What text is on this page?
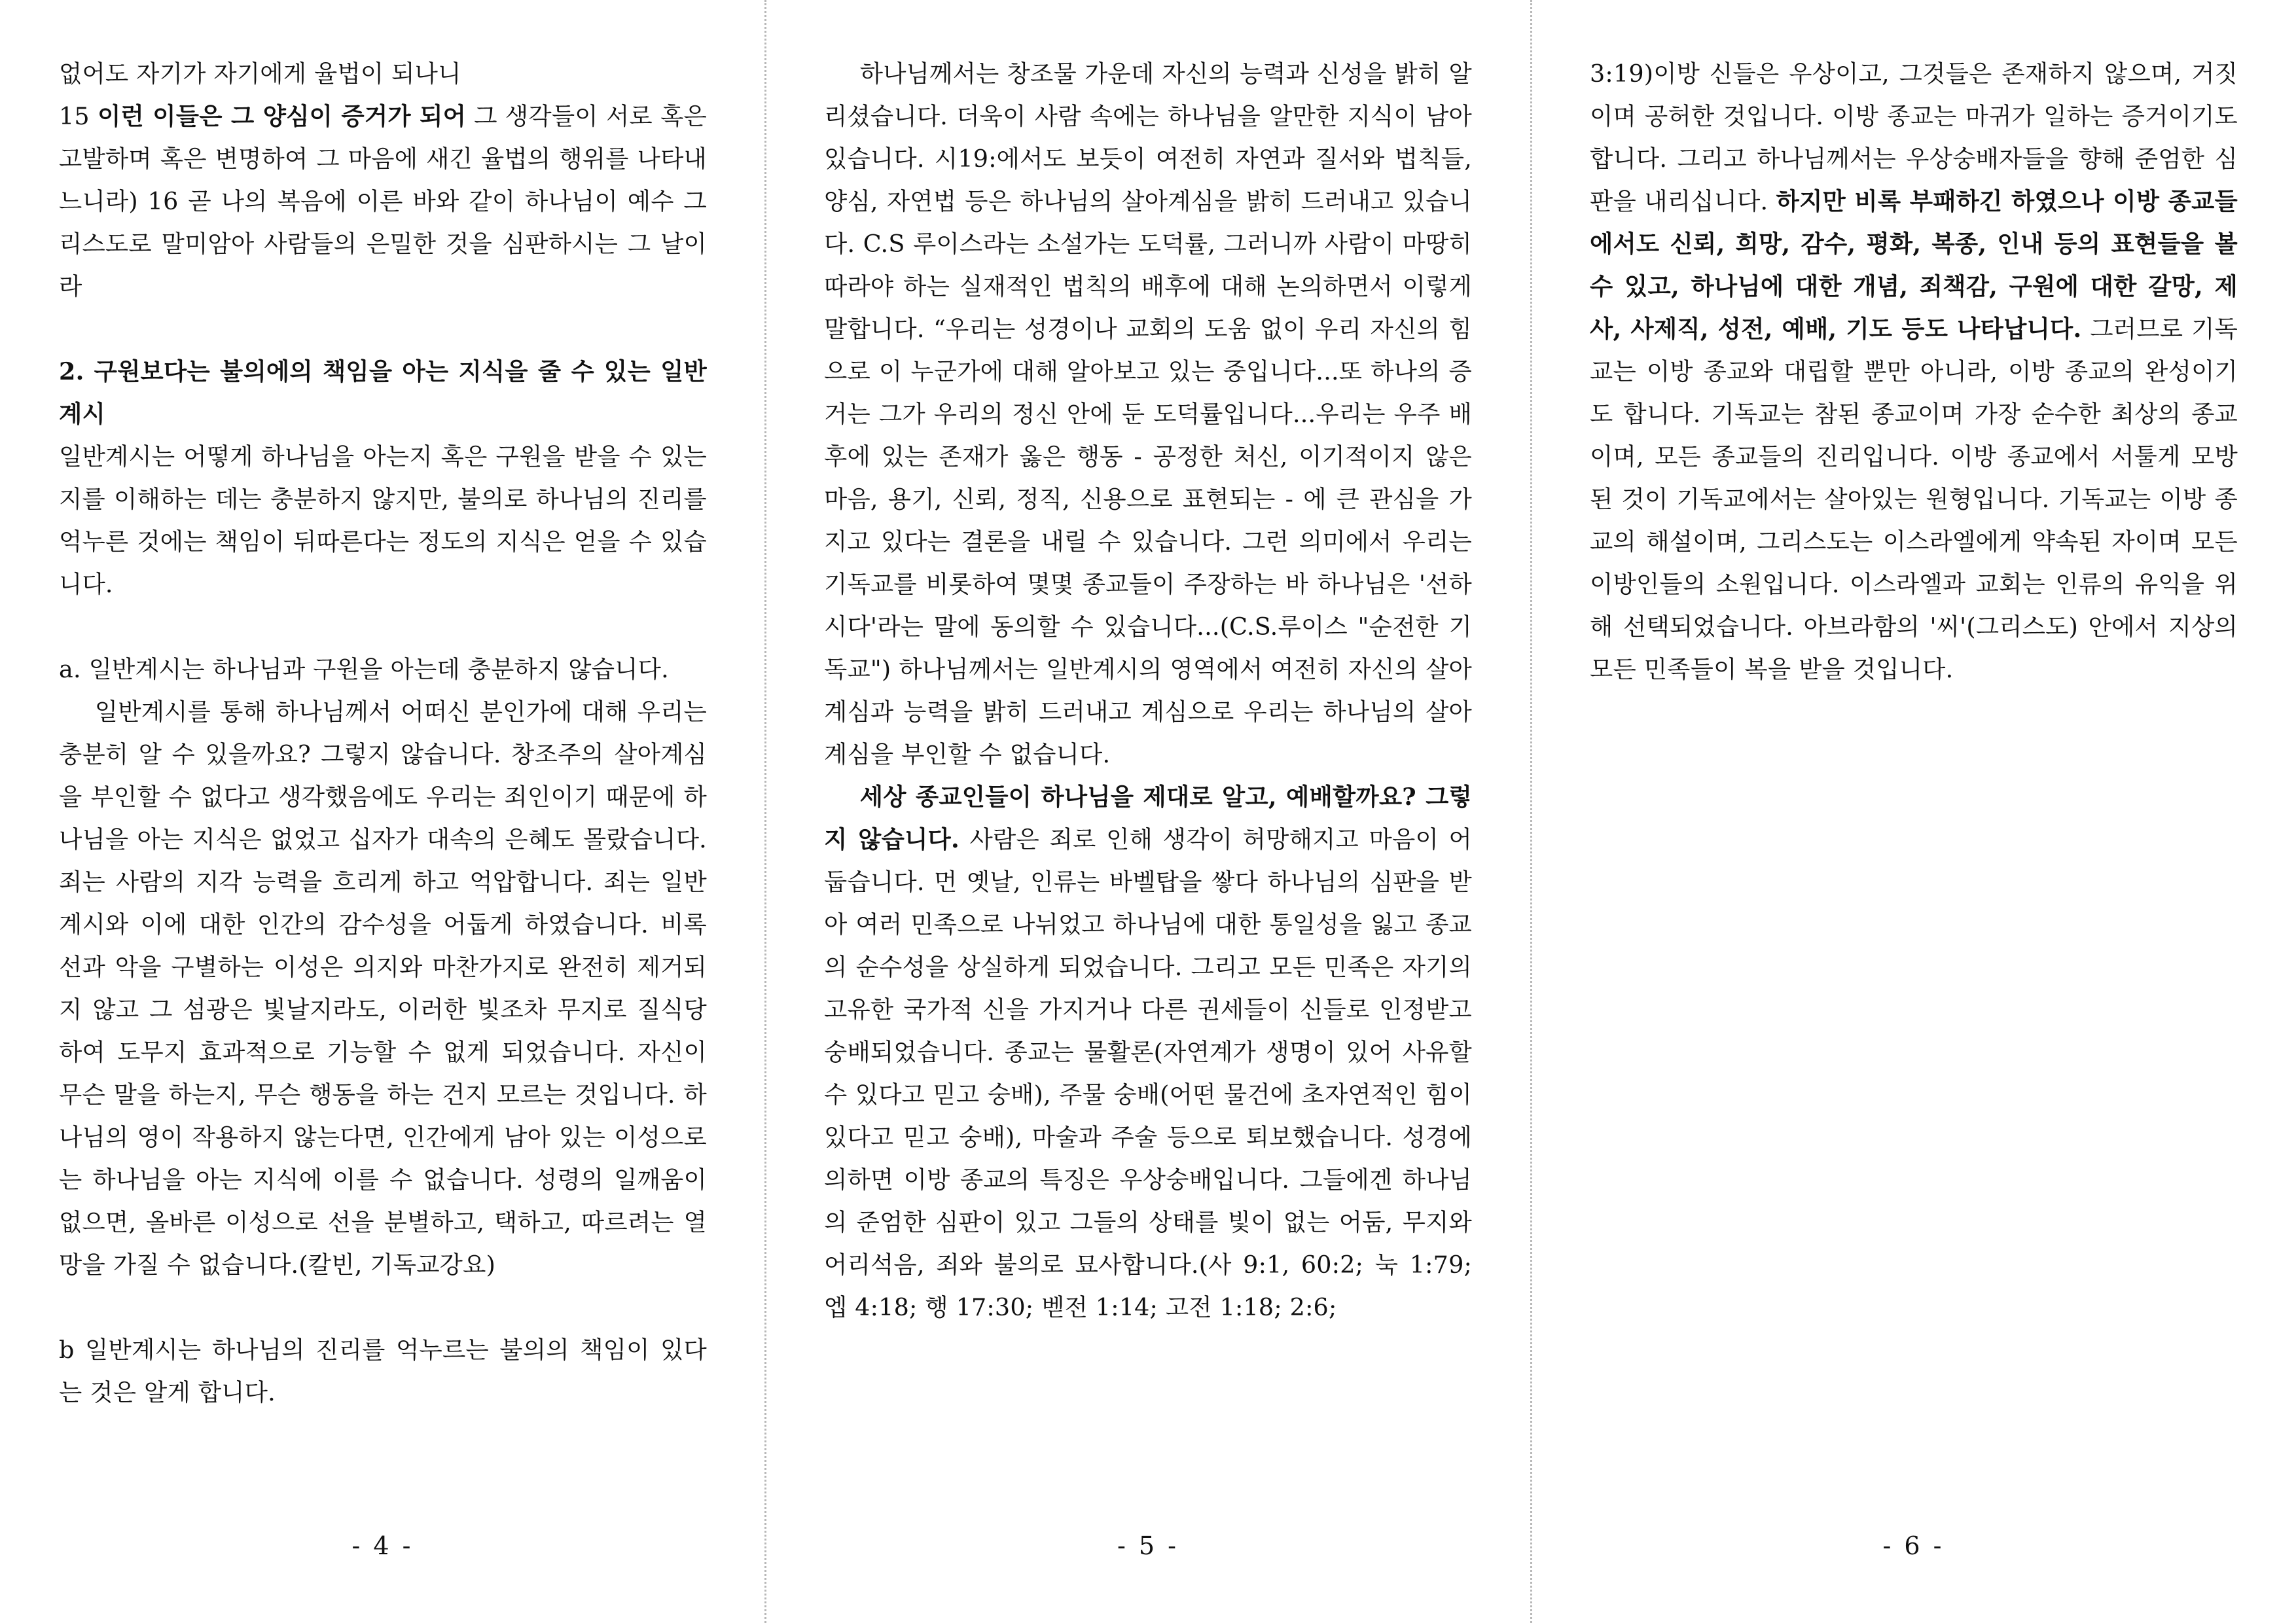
없어도 자기가 자기에게 율법이 되나니

15 이런 이들은 그 양심이 증거가 되어 그 생각들이 서로 혹은 고발하며 혹은 변명하여 그 마음에 새긴 율법의 행위를 나타내느니라) 16 곧 나의 복음에 이른 바와 같이 하나님이 예수 그리스도로 말미암아 사람들의 은밀한 것을 심판하시는 그 날이라

2. 구원보다는 불의에의 책임을 아는 지식을 줄 수 있는 일반계시

일반계시는 어떻게 하나님을 아는지 혹은 구원을 받을 수 있는지를 이해하는 데는 충분하지 않지만, 불의로 하나님의 진리를 억누른 것에는 책임이 뒤따른다는 정도의 지식은 얻을 수 있습니다.

a. 일반계시는 하나님과 구원을 아는데 충분하지 않습니다.

일반계시를 통해 하나님께서 어떠신 분인가에 대해 우리는 충분히 알 수 있을까요? 그렇지 않습니다. 창조주의 살아계심을 부인할 수 없다고 생각했음에도 우리는 죄인이기 때문에 하나님을 아는 지식은 없었고 십자가 대속의 은혜도 몰랐습니다. 죄는 사람의 지각 능력을 흐리게 하고 억압합니다. 죄는 일반계시와 이에 대한 인간의 감수성을 어둡게 하였습니다. 비록 선과 악을 구별하는 이성은 의지와 마찬가지로 완전히 제거되지 않고 그 섬광은 빛날지라도, 이러한 빛조차 무지로 질식당하여 도무지 효과적으로 기능할 수 없게 되었습니다. 자신이 무슨 말을 하는지, 무슨 행동을 하는 건지 모르는 것입니다. 하나님의 영이 작용하지 않는다면, 인간에게 남아 있는 이성으로는 하나님을 아는 지식에 이를 수 없습니다. 성령의 일깨움이 없으면, 올바른 이성으로 선을 분별하고, 택하고, 따르려는 열망을 가질 수 없습니다.(칼빈, 기독교강요)

b 일반계시는 하나님의 진리를 억누르는 불의의 책임이 있다는 것은 알게 합니다.

- 4 -

하나님께서는 창조물 가운데 자신의 능력과 신성을 밝히 알리셨습니다. 더욱이 사람 속에는 하나님을 알만한 지식이 남아있습니다. 시19:에서도 보듯이 여전히 자연과 질서와 법칙들, 양심, 자연법 등은 하나님의 살아계심을 밝히 드러내고 있습니다. C.S 루이스라는 소설가는 도덕률, 그러니까 사람이 마땅히 따라야 하는 실재적인 법칙의 배후에 대해 논의하면서 이렇게 말합니다. “우리는 성경이나 교회의 도움 없이 우리 자신의 힘으로 이 누군가에 대해 알아보고 있는 중입니다...또 하나의 증거는 그가 우리의 정신 안에 둔 도덕률입니다...우리는 우주 배후에 있는 존재가 옳은 행동 - 공정한 처신, 이기적이지 않은 마음, 용기, 신뢰, 정직, 신용으로 표현되는 - 에 큰 관심을 가지고 있다는 결론을 내릴 수 있습니다. 그런 의미에서 우리는 기독교를 비롯하여 몇몇 종교들이 주장하는 바 하나님은 '선하시다'라는 말에 동의할 수 있습니다...(C.S.루이스 "순전한 기독교") 하나님께서는 일반계시의 영역에서 여전히 자신의 살아계심과 능력을 밝히 드러내고 계심으로 우리는 하나님의 살아계심을 부인할 수 없습니다.

세상 종교인들이 하나님을 제대로 알고, 예배할까요? 그렇지 않습니다. 사람은 죄로 인해 생각이 허망해지고 마음이 어둡습니다. 먼 옛날, 인류는 바벨탑을 쌓다 하나님의 심판을 받아 여러 민족으로 나뉘었고 하나님에 대한 통일성을 잃고 종교의 순수성을 상실하게 되었습니다. 그리고 모든 민족은 자기의 고유한 국가적 신을 가지거나 다른 권세들이 신들로 인정받고 숭배되었습니다. 종교는 물활론(자연계가 생명이 있어 사유할 수 있다고 믿고 숭배), 주물 숭배(어떤 물건에 초자연적인 힘이 있다고 믿고 숭배), 마술과 주술 등으로 퇴보했습니다. 성경에 의하면 이방 종교의 특징은 우상숭배입니다. 그들에겐 하나님의 준엄한 심판이 있고 그들의 상태를 빛이 없는 어둠, 무지와 어리석음, 죄와 불의로 묘사합니다.(사 9:1, 60:2; 눅 1:79; 엡 4:18; 행 17:30; 벧전 1:14; 고전 1:18; 2:6;

- 5 -

3:19)이방 신들은 우상이고, 그것들은 존재하지 않으며, 거짓이며 공허한 것입니다. 이방 종교는 마귀가 일하는 증거이기도 합니다. 그리고 하나님께서는 우상숭배자들을 향해 준엄한 심판을 내리십니다. 하지만 비록 부패하긴 하였으나 이방 종교들에서도 신뢰, 희망, 감수, 평화, 복종, 인내 등의 표현들을 볼 수 있고, 하나님에 대한 개념, 죄책감, 구원에 대한 갈망, 제사, 사제직, 성전, 예배, 기도 등도 나타납니다. 그러므로 기독교는 이방 종교와 대립할 뿐만 아니라, 이방 종교의 완성이기도 합니다. 기독교는 참된 종교이며 가장 순수한 최상의 종교이며, 모든 종교들의 진리입니다. 이방 종교에서 서툴게 모방된 것이 기독교에서는 살아있는 원형입니다. 기독교는 이방 종교의 해설이며, 그리스도는 이스라엘에게 약속된 자이며 모든 이방인들의 소원입니다. 이스라엘과 교회는 인류의 유익을 위해 선택되었습니다. 아브라함의 '씨'(그리스도) 안에서 지상의 모든 민족들이 복을 받을 것입니다.

- 6 -
